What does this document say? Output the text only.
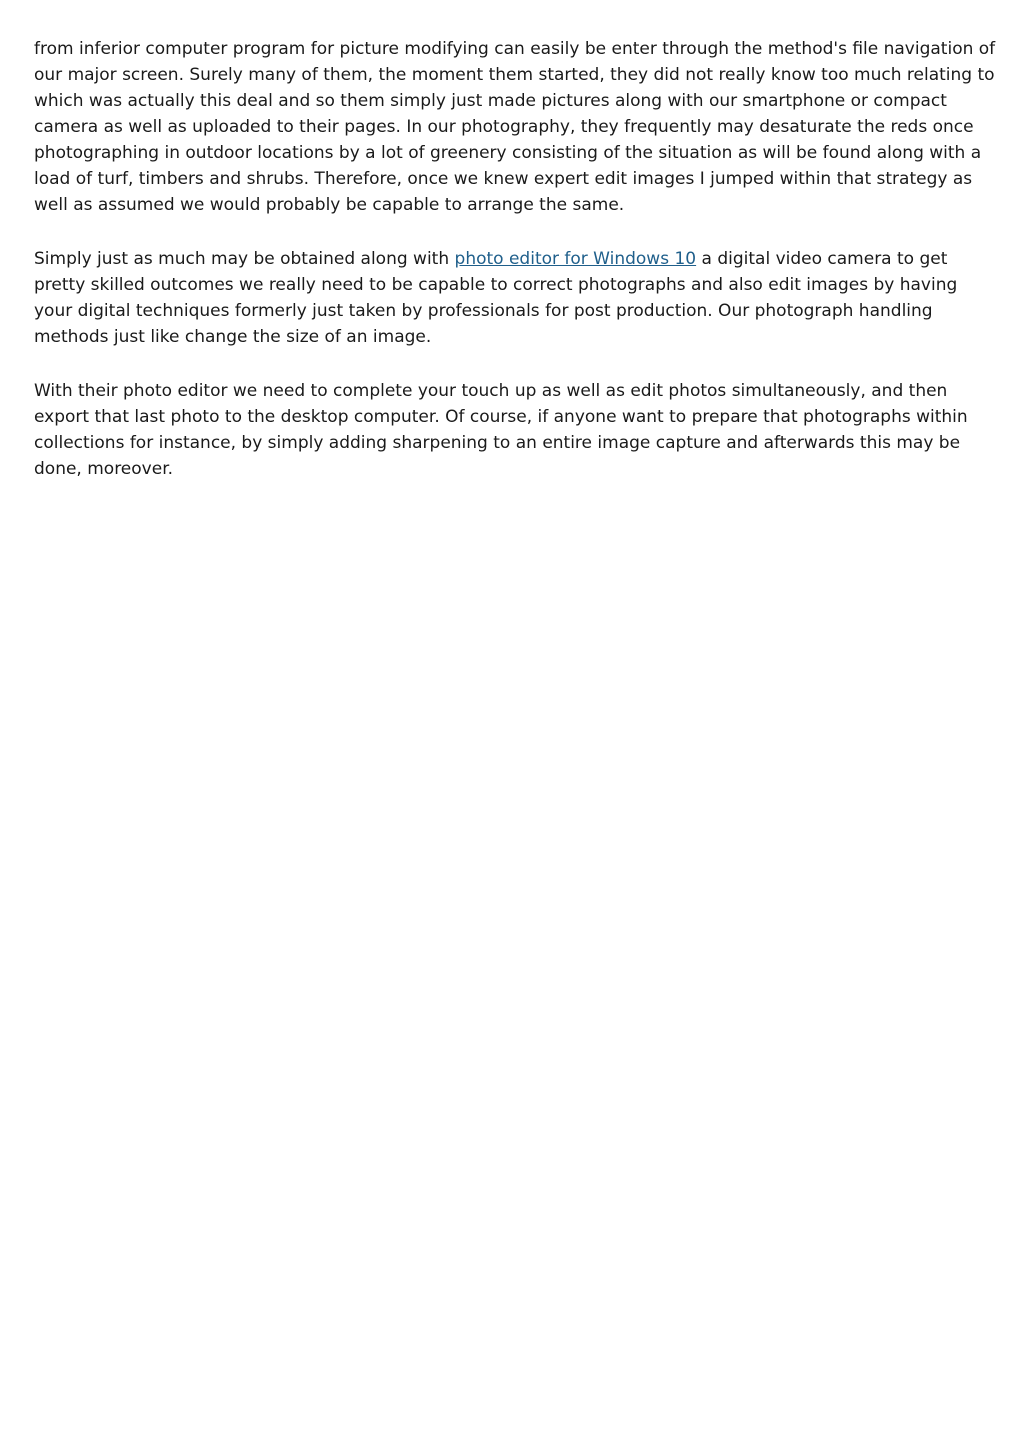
from inferior computer program for picture modifying can easily be enter through the method's file navigation of our major screen. Surely many of them, the moment them started, they did not really know too much relating to which was actually this deal and so them simply just made pictures along with our smartphone or compact camera as well as uploaded to their pages. In our photography, they frequently may desaturate the reds once photographing in outdoor locations by a lot of greenery consisting of the situation as will be found along with a load of turf, timbers and shrubs. Therefore, once we knew expert edit images I jumped within that strategy as well as assumed we would probably be capable to arrange the same.

Simply just as much may be obtained along with photo editor for Windows 10 a digital video camera to get pretty skilled outcomes we really need to be capable to correct photographs and also edit images by having your digital techniques formerly just taken by professionals for post production. Our photograph handling methods just like change the size of an image.

With their photo editor we need to complete your touch up as well as edit photos simultaneously, and then export that last photo to the desktop computer. Of course, if anyone want to prepare that photographs within collections for instance, by simply adding sharpening to an entire image capture and afterwards this may be done, moreover.
